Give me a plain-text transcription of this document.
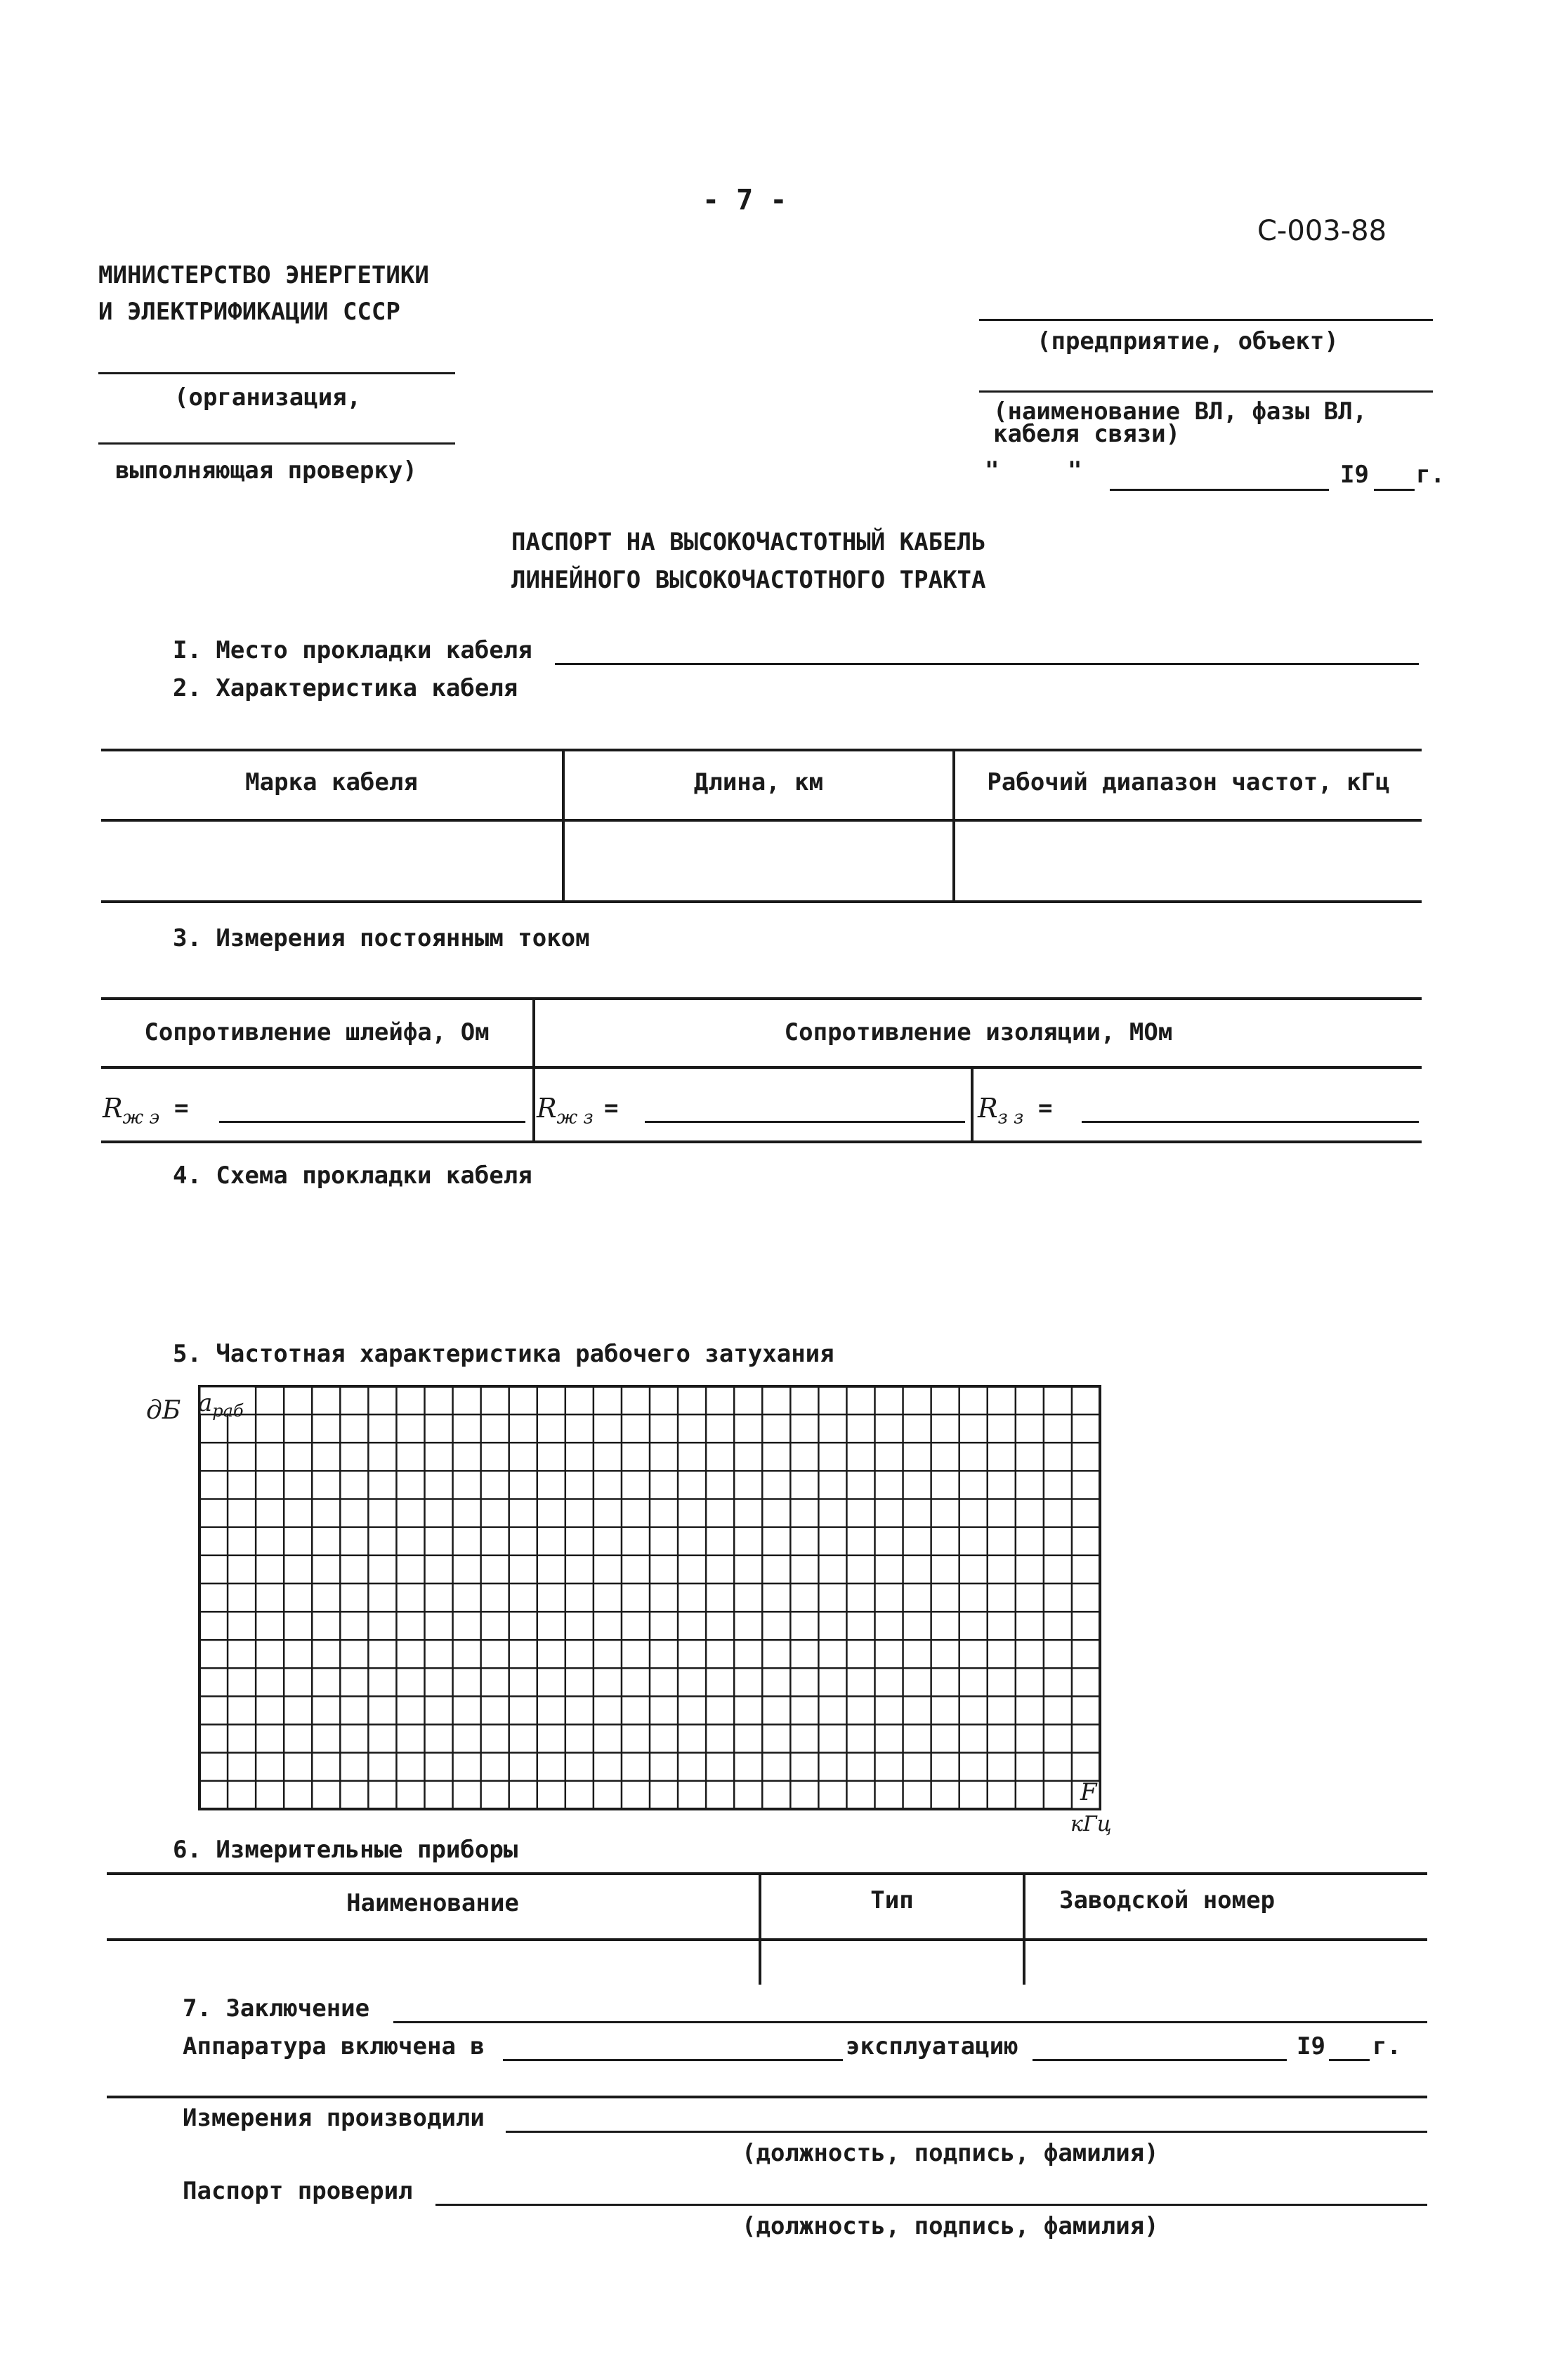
- 7 -
С-003-88
МИНИСТЕРСТВО ЭНЕРГЕТИКИ
И ЭЛЕКТРИФИКАЦИИ СССР
(организация,
выполняющая проверку)
(предприятие, объект)
(наименование ВЛ, фазы ВЛ,
кабеля связи)
"	"	I9 г.
ПАСПОРТ НА ВЫСОКОЧАСТОТНЫЙ КАБЕЛЬ
ЛИНЕЙНОГО ВЫСОКОЧАСТОТНОГО ТРАКТА
I. Место прокладки кабеля
2. Характеристика кабеля
Марка кабеля	Длина, км	Рабочий диапазон частот, кГц
3. Измерения постоянным током
Сопротивление шлейфа, Ом	Сопротивление изоляции, МОм
$R_{ж э}$ =	$R_{ж з}$ =	$R_{з з}$ =
4. Схема прокладки кабеля
5. Частотная характеристика рабочего затухания
дБ $a_{раб}$
F
кГц
6. Измерительные приборы
Наименование	Тип	Заводской номер
7. Заключение
Аппаратура включена в	эксплуатацию	I9 г.
Измерения производили
(должность, подпись, фамилия)
Паспорт проверил
(должность, подпись, фамилия)
